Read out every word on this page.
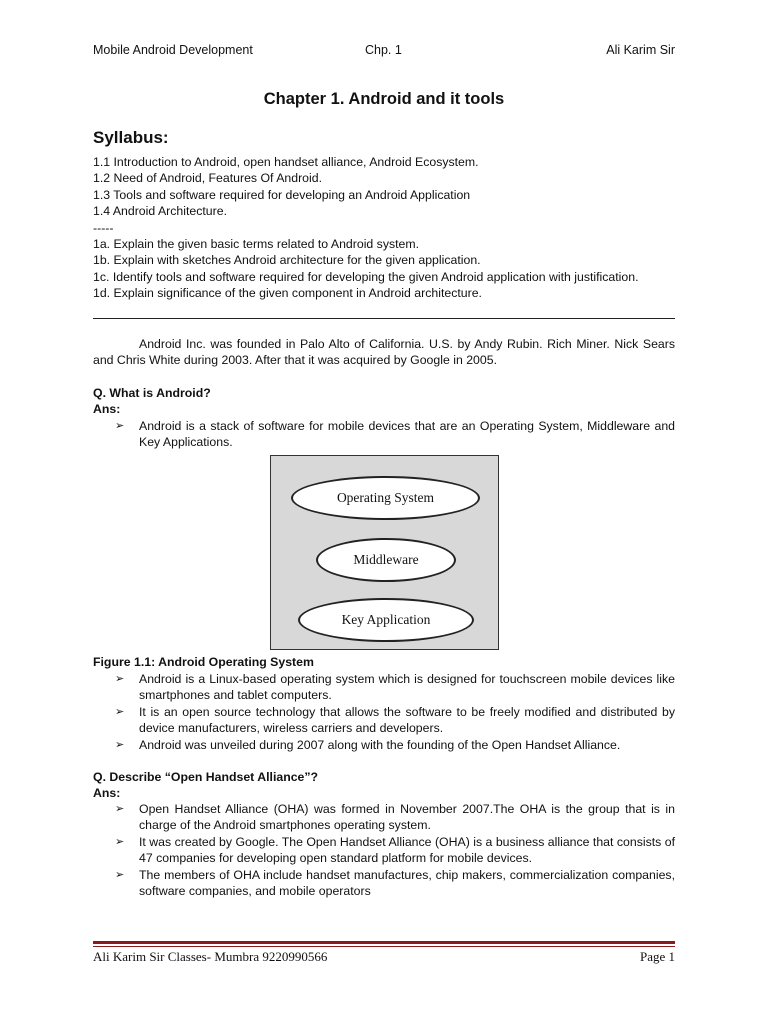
Mobile Android Development	Chp. 1	Ali Karim Sir
Chapter 1. Android and it tools
Syllabus:
1.1 Introduction to Android, open handset alliance, Android Ecosystem.
1.2 Need of Android, Features Of Android.
1.3 Tools and software required for developing an Android Application
1.4 Android Architecture.
-----
1a. Explain the given basic terms related to Android system.
1b. Explain with sketches Android architecture for the given application.
1c. Identify tools and software required for developing the given Android application with justification.
1d. Explain significance of the given component in Android architecture.
Android Inc. was founded in Palo Alto of California. U.S. by Andy Rubin. Rich Miner. Nick Sears and Chris White during 2003. After that it was acquired by Google in 2005.
Q. What is Android?
Ans:
➢ Android is a stack of software for mobile devices that are an Operating System, Middleware and Key Applications.
Operating System
Middleware
Key Application
Figure 1.1: Android Operating System
➢ Android is a Linux-based operating system which is designed for touchscreen mobile devices like smartphones and tablet computers.
➢ It is an open source technology that allows the software to be freely modified and distributed by device manufacturers, wireless carriers and developers.
➢ Android was unveiled during 2007 along with the founding of the Open Handset Alliance.
Q. Describe “Open Handset Alliance”?
Ans:
➢ Open Handset Alliance (OHA) was formed in November 2007.The OHA is the group that is in charge of the Android smartphones operating system.
➢ It was created by Google. The Open Handset Alliance (OHA) is a business alliance that consists of 47 companies for developing open standard platform for mobile devices.
➢ The members of OHA include handset manufactures, chip makers, commercialization companies, software companies, and mobile operators
Ali Karim Sir Classes- Mumbra 9220990566	Page 1
